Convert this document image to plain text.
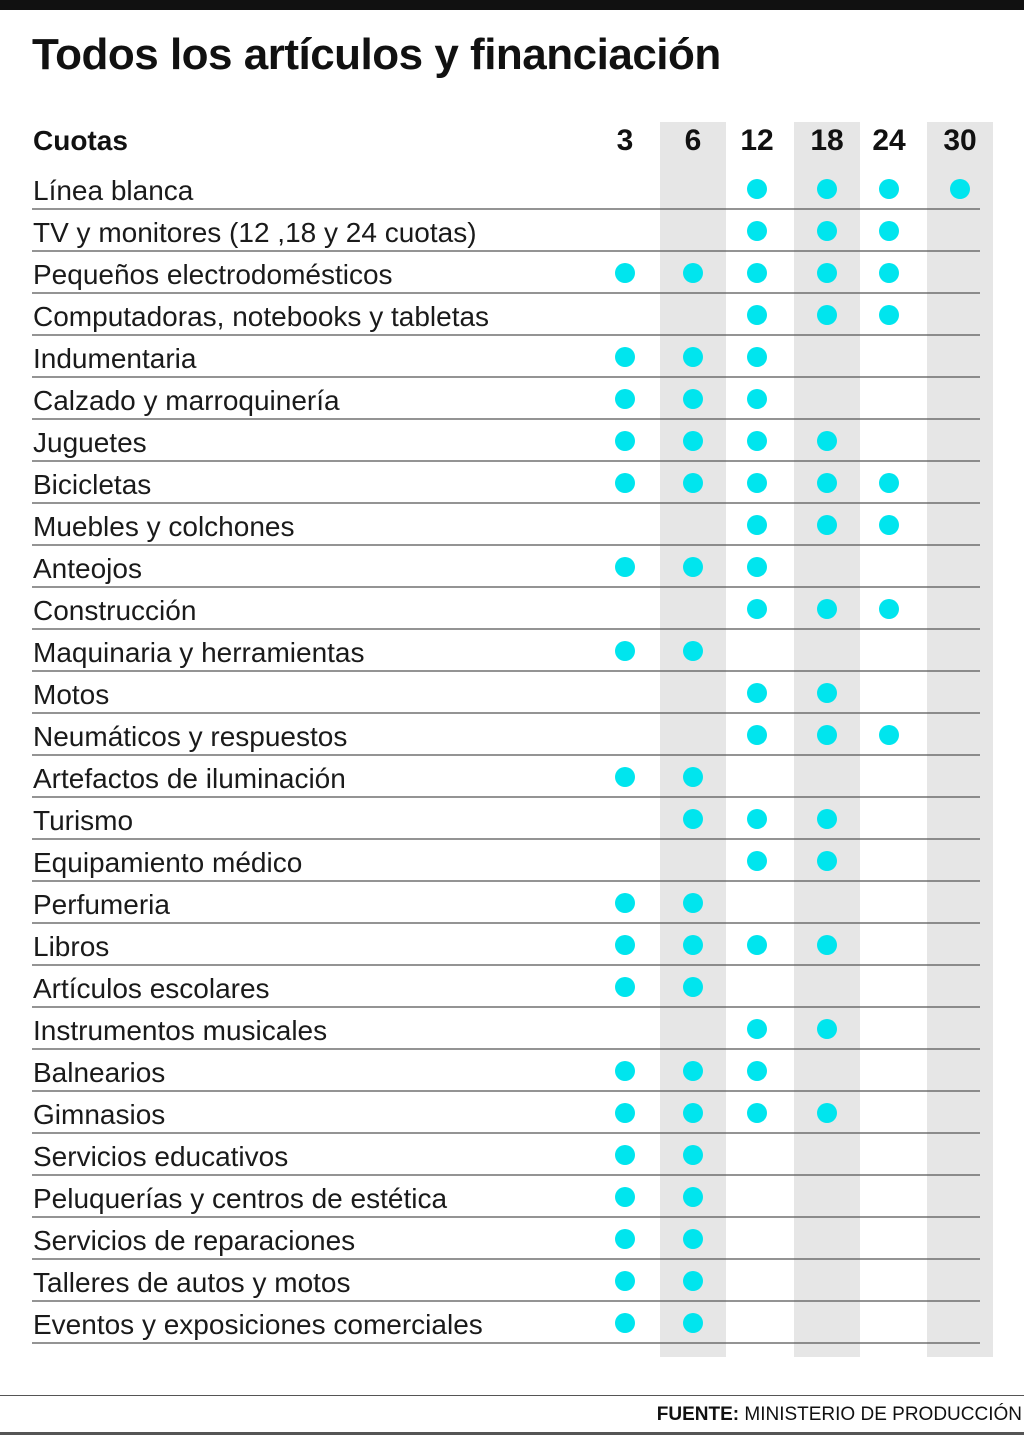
Todos los artículos y financiación
Cuotas	3 6 12 18 24 30
Línea blanca
TV y monitores (12 ,18 y 24 cuotas)
Pequeños electrodomésticos
Computadoras, notebooks y tabletas
Indumentaria
Calzado y marroquinería
Juguetes
Bicicletas
Muebles y colchones
Anteojos
Construcción
Maquinaria y herramientas
Motos
Neumáticos y respuestos
Artefactos de iluminación
Turismo
Equipamiento médico
Perfumeria
Libros
Artículos escolares
Instrumentos musicales
Balnearios
Gimnasios
Servicios educativos
Peluquerías y centros de estética
Servicios de reparaciones
Talleres de autos y motos
Eventos y exposiciones comerciales
FUENTE: MINISTERIO DE PRODUCCIÓN
